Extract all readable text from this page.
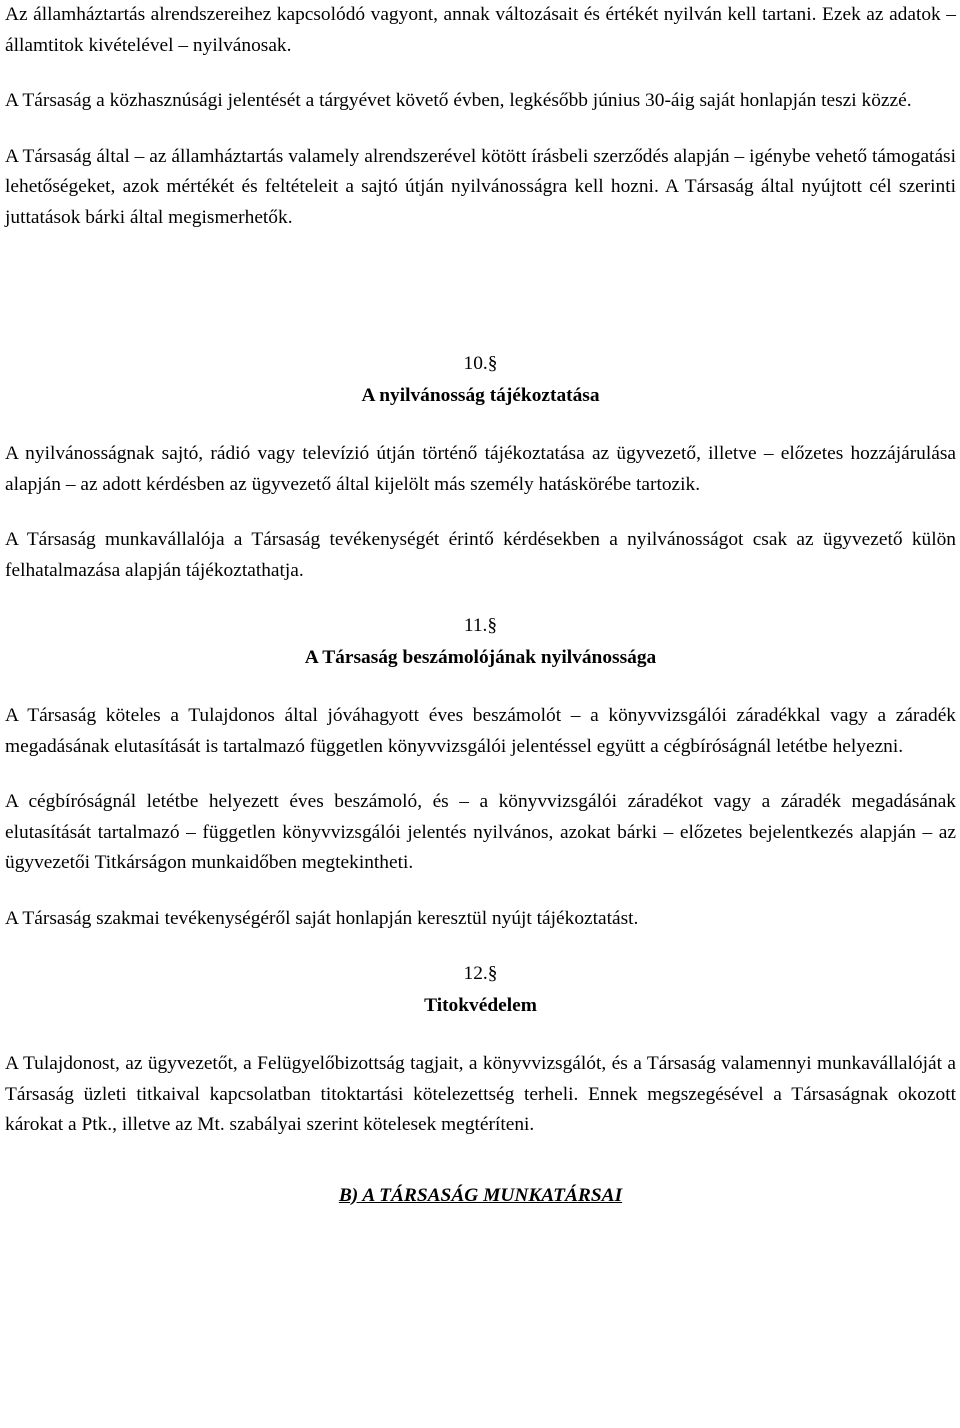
Az államháztartás alrendszereihez kapcsolódó vagyont, annak változásait és értékét nyilván kell tartani. Ezek az adatok – államtitok kivételével – nyilvánosak.

A Társaság a közhasznúsági jelentését a tárgyévet követő évben, legkésőbb június 30-áig saját honlapján teszi közzé.

A Társaság által – az államháztartás valamely alrendszerével kötött írásbeli szerződés alapján – igénybe vehető támogatási lehetőségeket, azok mértékét és feltételeit a sajtó útján nyilvánosságra kell hozni. A Társaság által nyújtott cél szerinti juttatások bárki által megismerhetők.

10.§

A nyilvánosság tájékoztatása

A nyilvánosságnak sajtó, rádió vagy televízió útján történő tájékoztatása az ügyvezető, illetve – előzetes hozzájárulása alapján – az adott kérdésben az ügyvezető által kijelölt más személy hatáskörébe tartozik.

A Társaság munkavállalója a Társaság tevékenységét érintő kérdésekben a nyilvánosságot csak az ügyvezető külön felhatalmazása alapján tájékoztathatja.

11.§

A Társaság beszámolójának nyilvánossága

A Társaság köteles a Tulajdonos által jóváhagyott éves beszámolót – a könyvvizsgálói záradékkal vagy a záradék megadásának elutasítását is tartalmazó független könyvvizsgálói jelentéssel együtt a cégbíróságnál letétbe helyezni.

A cégbíróságnál letétbe helyezett éves beszámoló, és – a könyvvizsgálói záradékot vagy a záradék megadásának elutasítását tartalmazó – független könyvvizsgálói jelentés nyilvános, azokat bárki – előzetes bejelentkezés alapján – az ügyvezetői Titkárságon munkaidőben megtekintheti.

A Társaság szakmai tevékenységéről saját honlapján keresztül nyújt tájékoztatást.

12.§

Titokvédelem

A Tulajdonost, az ügyvezetőt, a Felügyelőbizottság tagjait, a könyvvizsgálót, és a Társaság valamennyi munkavállalóját a Társaság üzleti titkaival kapcsolatban titoktartási kötelezettség terheli. Ennek megszegésével a Társaságnak okozott károkat a Ptk., illetve az Mt. szabályai szerint kötelesek megtéríteni.

B) A TÁRSASÁG MUNKATÁRSAI
